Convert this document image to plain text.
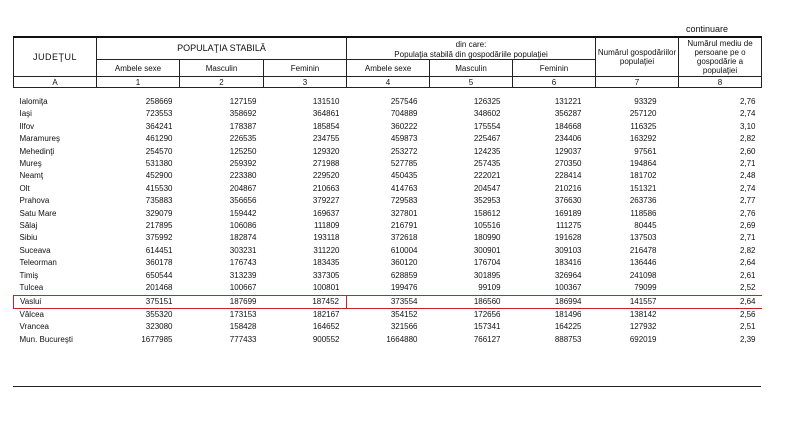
continuare
JUDEŢUL	POPULAŢIA STABILĂ			din care:			Numărul gospodăriilor populaţiei	Numărul mediu de persoane pe o gospodărie a populaţiei
				Populaţia stabilă din gospodăriile populaţiei				
	Ambele sexe	Masculin	Feminin	Ambele sexe	Masculin	Feminin		
A	1	2	3	4	5	6	7	8

Ialomiţa	258669	127159	131510	257546	126325	131221	93329	2,76
Iaşi	723553	358692	364861	704889	348602	356287	257120	2,74
Ilfov	364241	178387	185854	360222	175554	184668	116325	3,10
Maramureş	461290	226535	234755	459873	225467	234406	163292	2,82
Mehedinţi	254570	125250	129320	253272	124235	129037	97561	2,60
Mureş	531380	259392	271988	527785	257435	270350	194864	2,71
Neamţ	452900	223380	229520	450435	222021	228414	181702	2,48
Olt	415530	204867	210663	414763	204547	210216	151321	2,74
Prahova	735883	356656	379227	729583	352953	376630	263736	2,77
Satu Mare	329079	159442	169637	327801	158612	169189	118586	2,76
Sălaj	217895	106086	111809	216791	105516	111275	80445	2,69
Sibiu	375992	182874	193118	372618	180990	191628	137503	2,71
Suceava	614451	303231	311220	610004	300901	309103	216478	2,82
Teleorman	360178	176743	183435	360120	176704	183416	136446	2,64
Timiş	650544	313239	337305	628859	301895	326964	241098	2,61
Tulcea	201468	100667	100801	199476	99109	100367	79099	2,52
Vaslui	375151	187699	187452	373554	186560	186994	141557	2,64
Vâlcea	355320	173153	182167	354152	172656	181496	138142	2,56
Vrancea	323080	158428	164652	321566	157341	164225	127932	2,51
Mun. Bucureşti	1677985	777433	900552	1664880	766127	888753	692019	2,39
